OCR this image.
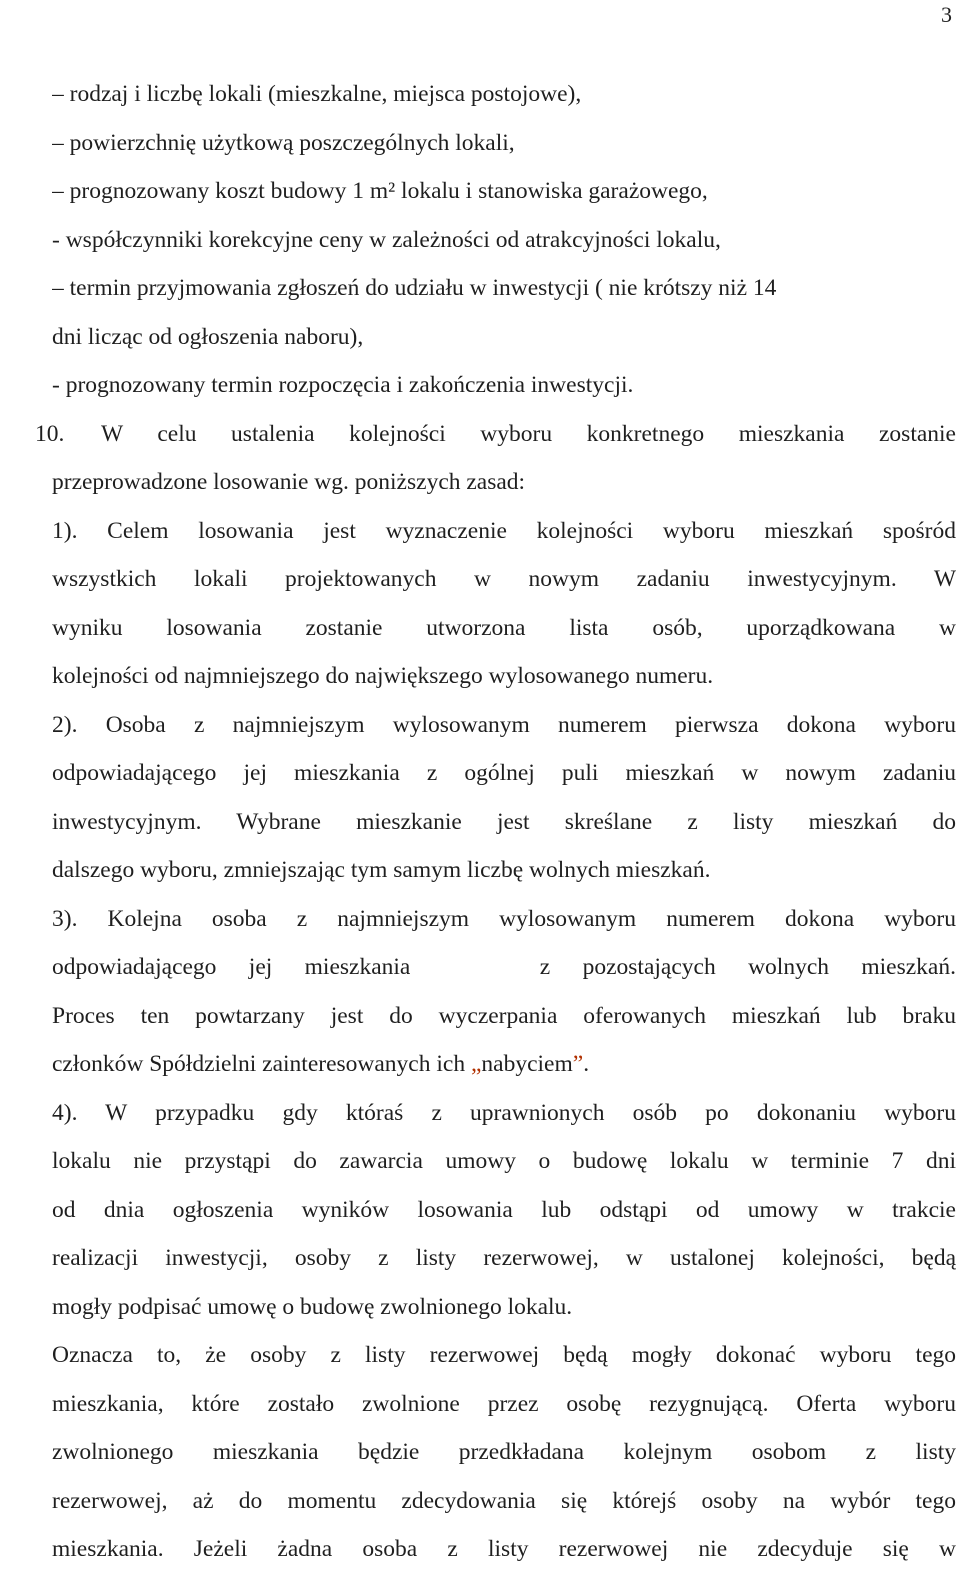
3
– rodzaj i liczbę lokali (mieszkalne, miejsca postojowe),
– powierzchnię użytkową poszczególnych lokali,
– prognozowany koszt budowy 1 m² lokalu i stanowiska garażowego,
- współczynniki korekcyjne ceny w zależności od atrakcyjności lokalu,
– termin przyjmowania zgłoszeń do udziału w inwestycji ( nie krótszy niż 14
dni licząc od ogłoszenia naboru),
- prognozowany termin rozpoczęcia i zakończenia inwestycji.
10. W celu ustalenia kolejności wyboru konkretnego mieszkania zostanie
przeprowadzone losowanie wg. poniższych zasad:
1). Celem losowania jest wyznaczenie kolejności wyboru mieszkań spośród
wszystkich lokali projektowanych w nowym zadaniu inwestycyjnym. W
wyniku losowania zostanie utworzona lista osób, uporządkowana w
kolejności od najmniejszego do największego wylosowanego numeru.
2). Osoba z najmniejszym wylosowanym numerem pierwsza dokona wyboru
odpowiadającego jej mieszkania z ogólnej puli mieszkań w nowym zadaniu
inwestycyjnym. Wybrane mieszkanie jest skreślane z listy mieszkań do
dalszego wyboru, zmniejszając tym samym liczbę wolnych mieszkań.
3). Kolejna osoba z najmniejszym wylosowanym numerem dokona wyboru
odpowiadającego jej mieszkania    z pozostających wolnych mieszkań.
Proces ten powtarzany jest do wyczerpania oferowanych mieszkań lub braku
członków Spółdzielni zainteresowanych ich „nabyciem”.
4). W przypadku gdy któraś z uprawnionych osób po dokonaniu wyboru
lokalu nie przystąpi do zawarcia umowy o budowę lokalu w terminie 7 dni
od dnia ogłoszenia wyników losowania lub odstąpi od umowy w trakcie
realizacji inwestycji, osoby z listy rezerwowej, w ustalonej kolejności, będą
mogły podpisać umowę o budowę zwolnionego lokalu.
Oznacza to, że osoby z listy rezerwowej będą mogły dokonać wyboru tego
mieszkania, które zostało zwolnione przez osobę rezygnującą. Oferta wyboru
zwolnionego mieszkania będzie przedkładana kolejnym osobom z listy
rezerwowej, aż do momentu zdecydowania się którejś osoby na wybór tego
mieszkania. Jeżeli żadna osoba z listy rezerwowej nie zdecyduje się w
